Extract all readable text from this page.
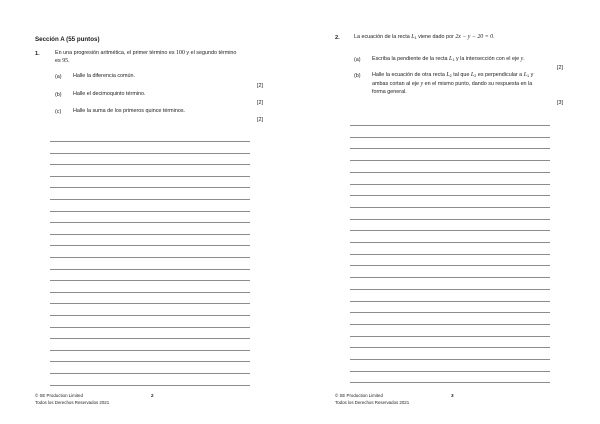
Sección A (55 puntos)
1.	En una progresión aritmética, el primer término es 100 y el segundo término
es 95.
(a) Halle la diferencia común.
[2]
(b) Halle el decimoquinto término.
[2]
(c) Halle la suma de los primeros quince términos.
[2]
© SE Production Limited
Todos los Derechos Reservados 2021
2
2.	La ecuación de la recta $L_1$ viene dado por 2x − y − 20 = 0.
(a) Escriba la pendiente de la recta $L_1$ y la intersección con el eje y.
[2]
(b) Halle la ecuación de otra recta $L_2$ tal que $L_2$ es perpendicular a $L_1$ y
ambas cortan al eje y en el mismo punto, dando su respuesta en la
forma general.
[3]
© SE Production Limited
Todos los Derechos Reservados 2021
3
